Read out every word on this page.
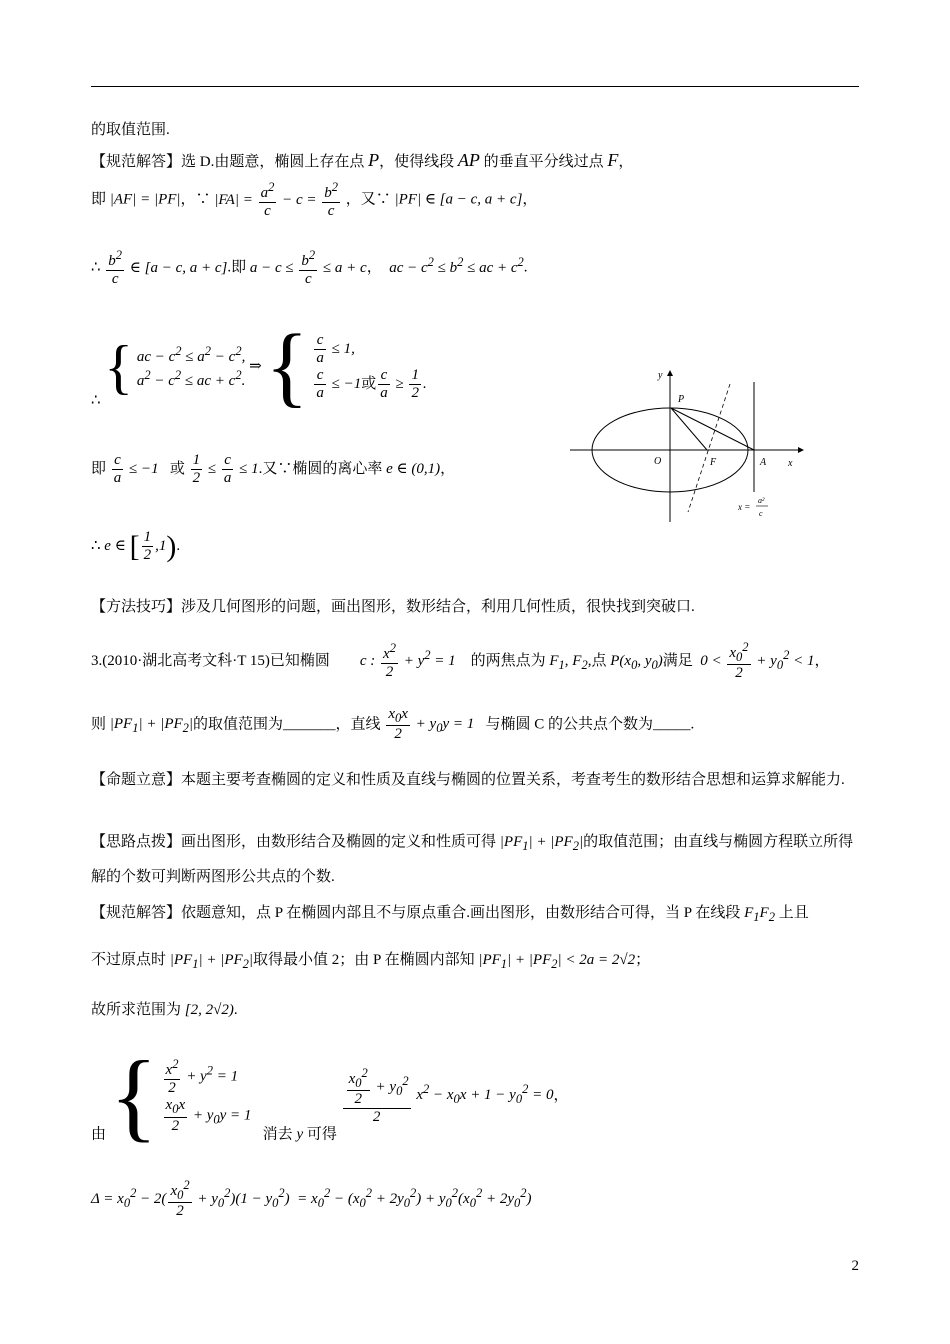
的取值范围.
【规范解答】选 D.由题意，椭圆上存在点 P，使得线段 AP 的垂直平分线过点 F，
即 |AF| = |PF|，∵ $|FA| = \frac{a^2}{c} - c = \frac{b^2}{c}$ ，又∵ |PF| ∈ [a − c, a + c]，
∴ $\frac{b^2}{c}$ ∈ [a − c, a + c].即 $a - c \le \frac{b^2}{c} \le a + c$，  ac − $c^2 \le b^2$ ≤ ac + $c^2$.
∴ { ac − $c^2 \le a^2 - c^2$,
$a^2 - c^2$ ≤ ac + $c^2$.
⇒ { $\frac{c}{a} \le 1$,
$\frac{c}{a} \le -1$或 $\frac{c}{a} \ge \frac{1}{2}$ .
即 $\frac{c}{a} \le -1$ 或 $\frac{1}{2} \le \frac{c}{a} \le 1$.又∵椭圆的离心率 e ∈ (0,1)，
∴ e ∈ [ $\frac{1}{2} ,1$).
y
P
O	F	A x
x =
a²
c
【方法技巧】涉及几何图形的问题，画出图形，数形结合，利用几何性质，很快找到突破口.
3.(2010·湖北高考文科·T 15)已知椭圆 c : $\frac{x^2}{2} + y^2 = 1$ 的两焦点为 $F_1$, $F_2$,点 $P(x_0$, $y_0$)满足 $0 < \frac{x_0^2}{2} + y_0^2 < 1$，
则 $|PF_1| + |PF_2|$的取值范围为_______，直线 $\frac{x_0x}{2} + y_0y = 1$ 与椭圆 C 的公共点个数为_____.
【命题立意】本题主要考查椭圆的定义和性质及直线与椭圆的位置关系，考查考生的数形结合思想和运算求解能力.
【思路点拨】画出图形，由数形结合及椭圆的定义和性质可得 $|PF_1| + |PF_2|$的取值范围；由直线与椭圆方程联立所得解的个数可判断两图形公共点的个数.
【规范解答】依题意知，点 P 在椭圆内部且不与原点重合.画出图形，由数形结合可得，当 P 在线段 $F_1F_2$ 上且
不过原点时 $|PF_1| + |PF_2|$取得最小值 2；由 P 在椭圆内部知 $|PF_1| + |PF_2| < 2a = 2√2$；
故所求范围为 [2, 2√2).
由 { $\frac{x^2}{2} + y^2 = 1$
$\frac{x_0x}{2} + y_0y = 1$
消去 y 可得
$\frac{\frac{x_0^2}{2} + y_0^2}{2} x^2 - x_0x + 1 - y_0^2 = 0$，
$\Delta = x_0^2 - 2( \frac{x_0^2}{2} + y_0^2)(1 - y_0^2) = x_0^2 - (x_0^2 + 2y_0^2) + y_0^2(x_0^2 + 2y_0^2)$
2
